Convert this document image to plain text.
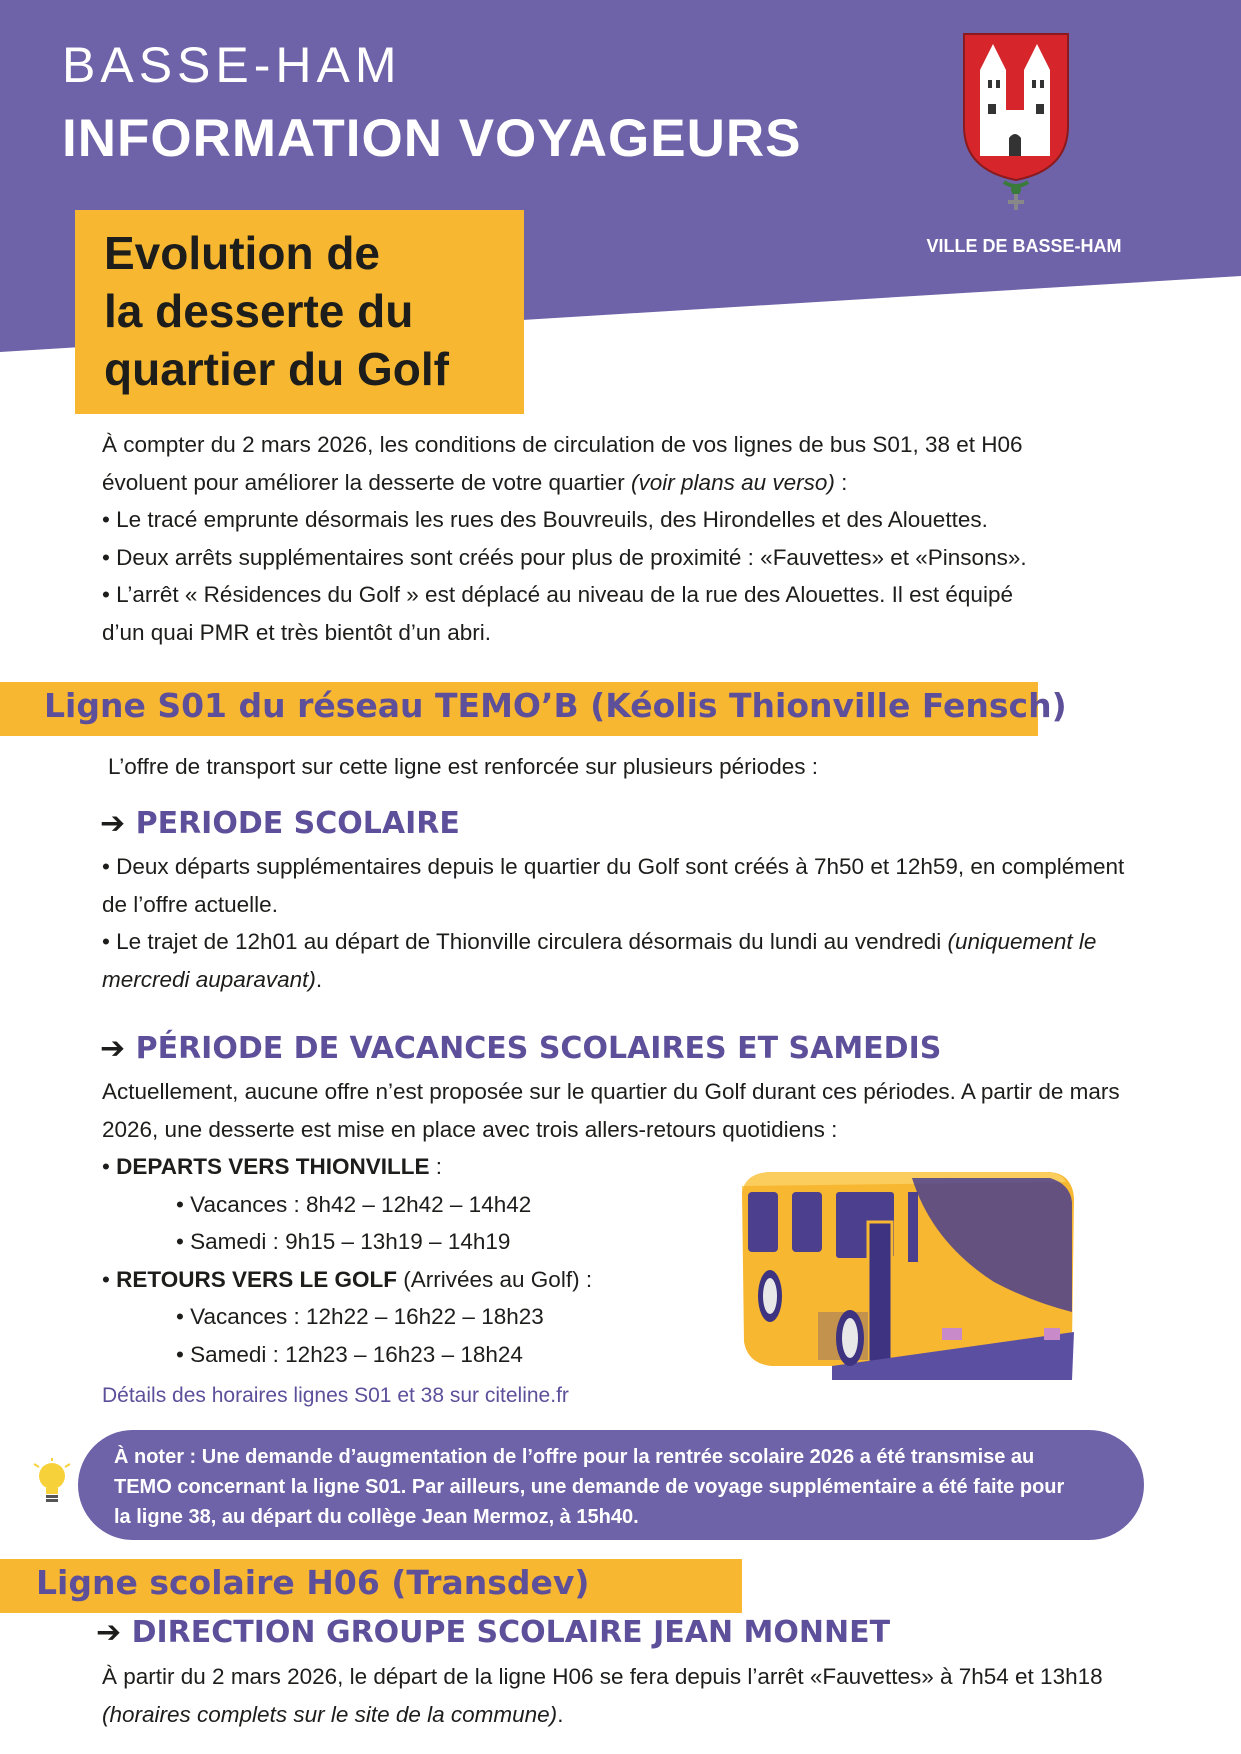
BASSE-HAM
INFORMATION VOYAGEURS
VILLE DE BASSE-HAM
Evolution de
la desserte du
quartier du Golf
À compter du 2 mars 2026, les conditions de circulation de vos lignes de bus S01, 38 et H06
évoluent pour améliorer la desserte de votre quartier (voir plans au verso) :
• Le tracé emprunte désormais les rues des Bouvreuils, des Hirondelles et des Alouettes.
• Deux arrêts supplémentaires sont créés pour plus de proximité : «Fauvettes» et «Pinsons».
• L’arrêt « Résidences du Golf » est déplacé au niveau de la rue des Alouettes. Il est équipé
d’un quai PMR et très bientôt d’un abri.
Ligne S01 du réseau TEMO’B (Kéolis Thionville Fensch)
L’offre de transport sur cette ligne est renforcée sur plusieurs périodes :
➔ PERIODE SCOLAIRE
• Deux départs supplémentaires depuis le quartier du Golf sont créés à 7h50 et 12h59, en complément
de l’offre actuelle.
• Le trajet de 12h01 au départ de Thionville circulera désormais du lundi au vendredi (uniquement le
mercredi auparavant).
➔ PÉRIODE DE VACANCES SCOLAIRES ET SAMEDIS
Actuellement, aucune offre n’est proposée sur le quartier du Golf durant ces périodes. A partir de mars
2026, une desserte est mise en place avec trois allers-retours quotidiens :
• DEPARTS VERS THIONVILLE :
• Vacances : 8h42 – 12h42 – 14h42
• Samedi : 9h15 – 13h19 – 14h19
• RETOURS VERS LE GOLF (Arrivées au Golf) :
• Vacances : 12h22 – 16h22 – 18h23
• Samedi : 12h23 – 16h23 – 18h24
Détails des horaires lignes S01 et 38 sur citeline.fr
À noter : Une demande d’augmentation de l’offre pour la rentrée scolaire 2026 a été transmise au
TEMO concernant la ligne S01. Par ailleurs, une demande de voyage supplémentaire a été faite pour
la ligne 38, au départ du collège Jean Mermoz, à 15h40.
Ligne scolaire H06 (Transdev)
➔ DIRECTION GROUPE SCOLAIRE JEAN MONNET
À partir du 2 mars 2026, le départ de la ligne H06 se fera depuis l’arrêt «Fauvettes» à 7h54 et 13h18
(horaires complets sur le site de la commune).
